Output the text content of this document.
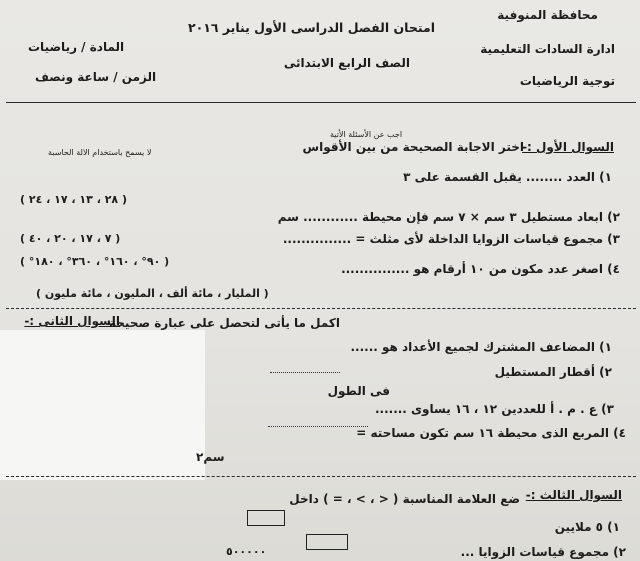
محافظة المنوفية
ادارة السادات التعليمية
توجية الرياضيات
امتحان الفصل الدراسى الأول يناير ٢٠١٦
الصف الرابع الابتدائى
المادة / رياضيات
الزمن / ساعة ونصف
اجب عن الأسئلة الأتية
لا يسمح باستخدام الالة الحاسبة	السوال الأول :-
اختر الاجابة الصحيحة من بين الأقواس
١) العدد ........ يقبل القسمة على ٣
( ٢٨ ، ١٣ ، ١٧ ، ٢٤ )
٢) ابعاد مستطيل ٣ سم × ٧ سم فإن محيطة ............ سم
( ٧ ، ١٧ ، ٢٠ ، ٤٠ )	٣) مجموع قياسات الزوايا الداخلة لأى مثلث = ...............
( ٩٠° ، ١٦٠° ، ٣٦٠° ، ١٨٠° )
٤) اصغر عدد مكون من ١٠ أرقام هو ...............
( المليار ، مائة ألف ، المليون ، مائة مليون )
السوال الثانى :-
اكمل ما يأتى لتحصل على عبارة صحيحة
١) المضاعف المشترك لجميع الأعداد هو ......
٢) أقطار المستطيل
فى الطول
٣) ع . م . أ للعددين ١٢ ، ١٦ يساوى .......
٤) المربع الذى محيطة ١٦ سم تكون مساحته =
سم٢
السوال الثالث :-
ضع العلامة المناسبة ( < ، > ، = ) داخل
١) ٥ ملايين
٥٠٠٠٠٠	٢) مجموع قياسات الزوايا ...
